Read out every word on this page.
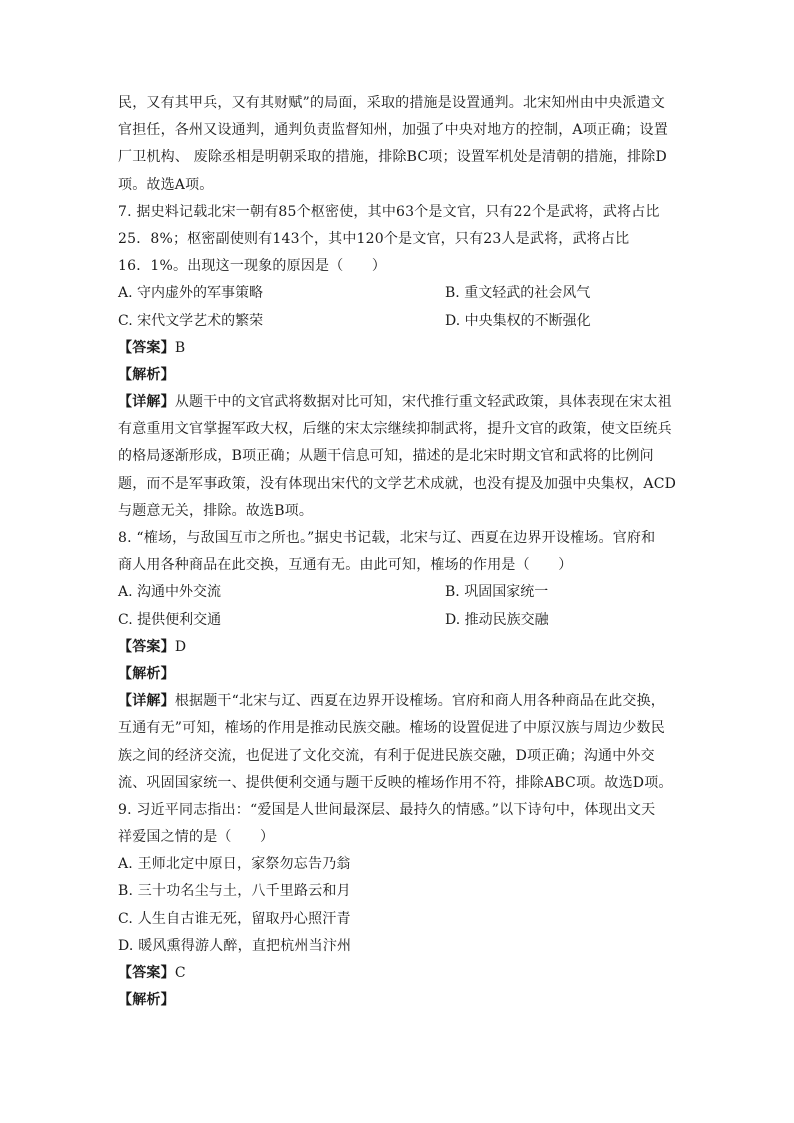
民，又有其甲兵，又有其财赋”的局面，采取的措施是设置通判。北宋知州由中央派遣文
官担任，各州又设通判，通判负责监督知州，加强了中央对地方的控制，A项正确；设置
厂卫机构、 废除丞相是明朝采取的措施，排除BC项；设置军机处是清朝的措施，排除D
项。故选A项。
7. 据史料记载北宋一朝有85个枢密使，其中63个是文官，只有22个是武将，武将占比
25．8%；枢密副使则有143个，其中120个是文官，只有23人是武将，武将占比
16．1%。出现这一现象的原因是（　　）
A. 守内虚外的军事策略	B. 重文轻武的社会风气
C. 宋代文学艺术的繁荣	D. 中央集权的不断强化
【答案】B
【解析】
【详解】从题干中的文官武将数据对比可知，宋代推行重文轻武政策，具体表现在宋太祖
有意重用文官掌握军政大权，后继的宋太宗继续抑制武将，提升文官的政策，使文臣统兵
的格局逐渐形成，B项正确；从题干信息可知，描述的是北宋时期文官和武将的比例问
题，而不是军事政策，没有体现出宋代的文学艺术成就，也没有提及加强中央集权，ACD
与题意无关，排除。故选B项。
8. “榷场，与敌国互市之所也。”据史书记载，北宋与辽、西夏在边界开设榷场。官府和
商人用各种商品在此交换，互通有无。由此可知，榷场的作用是（　　）
A. 沟通中外交流	B. 巩固国家统一
C. 提供便利交通	D. 推动民族交融
【答案】D
【解析】
【详解】根据题干“北宋与辽、西夏在边界开设榷场。官府和商人用各种商品在此交换，
互通有无”可知，榷场的作用是推动民族交融。榷场的设置促进了中原汉族与周边少数民
族之间的经济交流，也促进了文化交流，有利于促进民族交融，D项正确；沟通中外交
流、巩固国家统一、提供便利交通与题干反映的榷场作用不符，排除ABC项。故选D项。
9. 习近平同志指出：“爱国是人世间最深层、最持久的情感。”以下诗句中，体现出文天
祥爱国之情的是（　　）
A. 王师北定中原日，家祭勿忘告乃翁
B. 三十功名尘与土，八千里路云和月
C. 人生自古谁无死，留取丹心照汗青
D. 暖风熏得游人醉，直把杭州当汴州
【答案】C
【解析】
